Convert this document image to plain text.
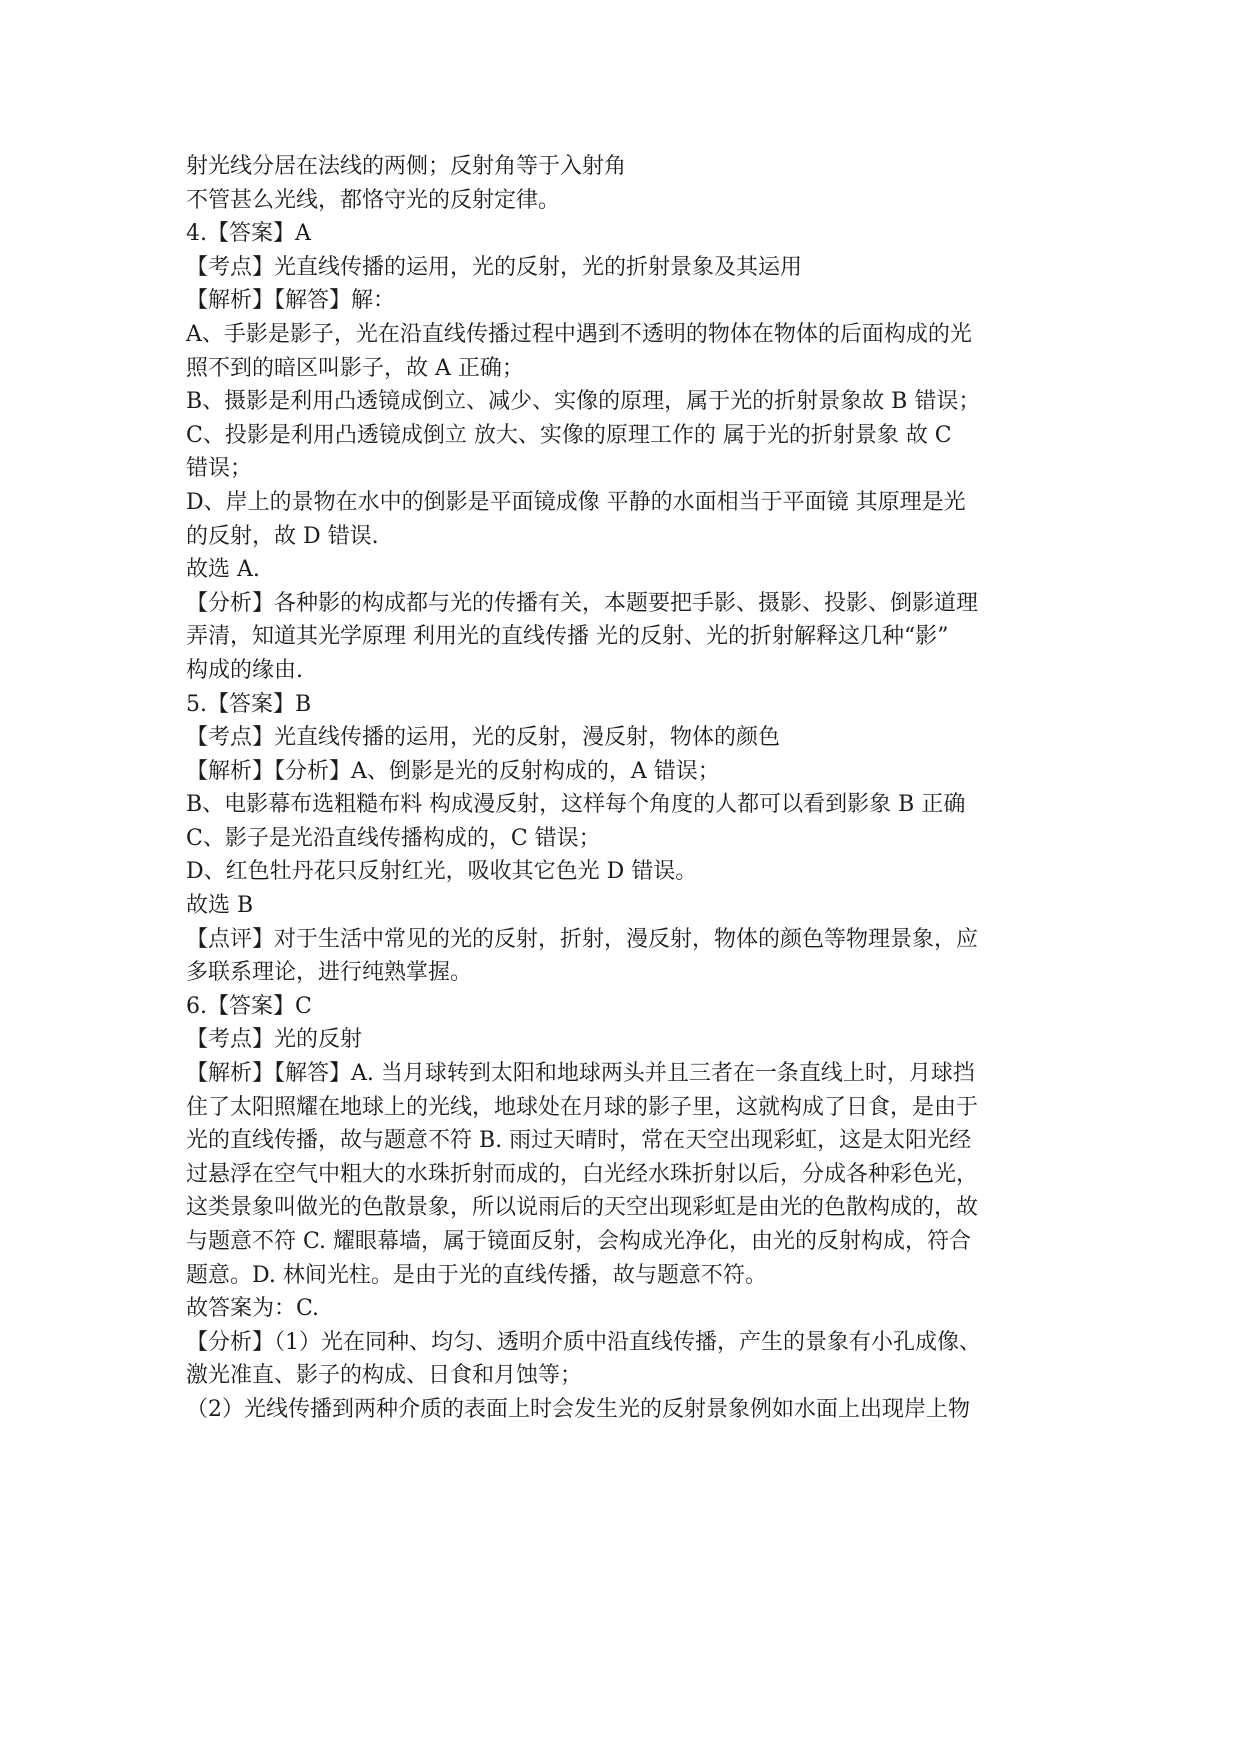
射光线分居在法线的两侧；反射角等于入射角
不管甚么光线，都恪守光的反射定律。
4.【答案】A
【考点】光直线传播的运用，光的反射，光的折射景象及其运用
【解析】【解答】解：
A、手影是影子，光在沿直线传播过程中遇到不透明的物体在物体的后面构成的光
照不到的暗区叫影子，故 A 正确；
B、摄影是利用凸透镜成倒立、减少、实像的原理，属于光的折射景象故 B 错误；
C、投影是利用凸透镜成倒立 放大、实像的原理工作的 属于光的折射景象 故 C
错误；
D、岸上的景物在水中的倒影是平面镜成像 平静的水面相当于平面镜 其原理是光
的反射，故 D 错误.
故选 A.
【分析】各种影的构成都与光的传播有关，本题要把手影、摄影、投影、倒影道理
弄清，知道其光学原理 利用光的直线传播 光的反射、光的折射解释这几种“影”
构成的缘由.
5.【答案】B
【考点】光直线传播的运用，光的反射，漫反射，物体的颜色
【解析】【分析】A、倒影是光的反射构成的，A 错误；
B、电影幕布选粗糙布料 构成漫反射，这样每个角度的人都可以看到影象 B 正确
C、影子是光沿直线传播构成的，C 错误；
D、红色牡丹花只反射红光，吸收其它色光 D 错误。
故选 B
【点评】对于生活中常见的光的反射，折射，漫反射，物体的颜色等物理景象，应
多联系理论，进行纯熟掌握。
6.【答案】C
【考点】光的反射
【解析】【解答】A. 当月球转到太阳和地球两头并且三者在一条直线上时，月球挡
住了太阳照耀在地球上的光线，地球处在月球的影子里，这就构成了日食，是由于
光的直线传播，故与题意不符 B. 雨过天晴时，常在天空出现彩虹，这是太阳光经
过悬浮在空气中粗大的水珠折射而成的，白光经水珠折射以后，分成各种彩色光，
这类景象叫做光的色散景象，所以说雨后的天空出现彩虹是由光的色散构成的，故
与题意不符 C. 耀眼幕墙，属于镜面反射，会构成光净化，由光的反射构成，符合
题意。D. 林间光柱。是由于光的直线传播，故与题意不符。
故答案为：C.
【分析】（1）光在同种、均匀、透明介质中沿直线传播，产生的景象有小孔成像、
激光准直、影子的构成、日食和月蚀等；
（2）光线传播到两种介质的表面上时会发生光的反射景象例如水面上出现岸上物
